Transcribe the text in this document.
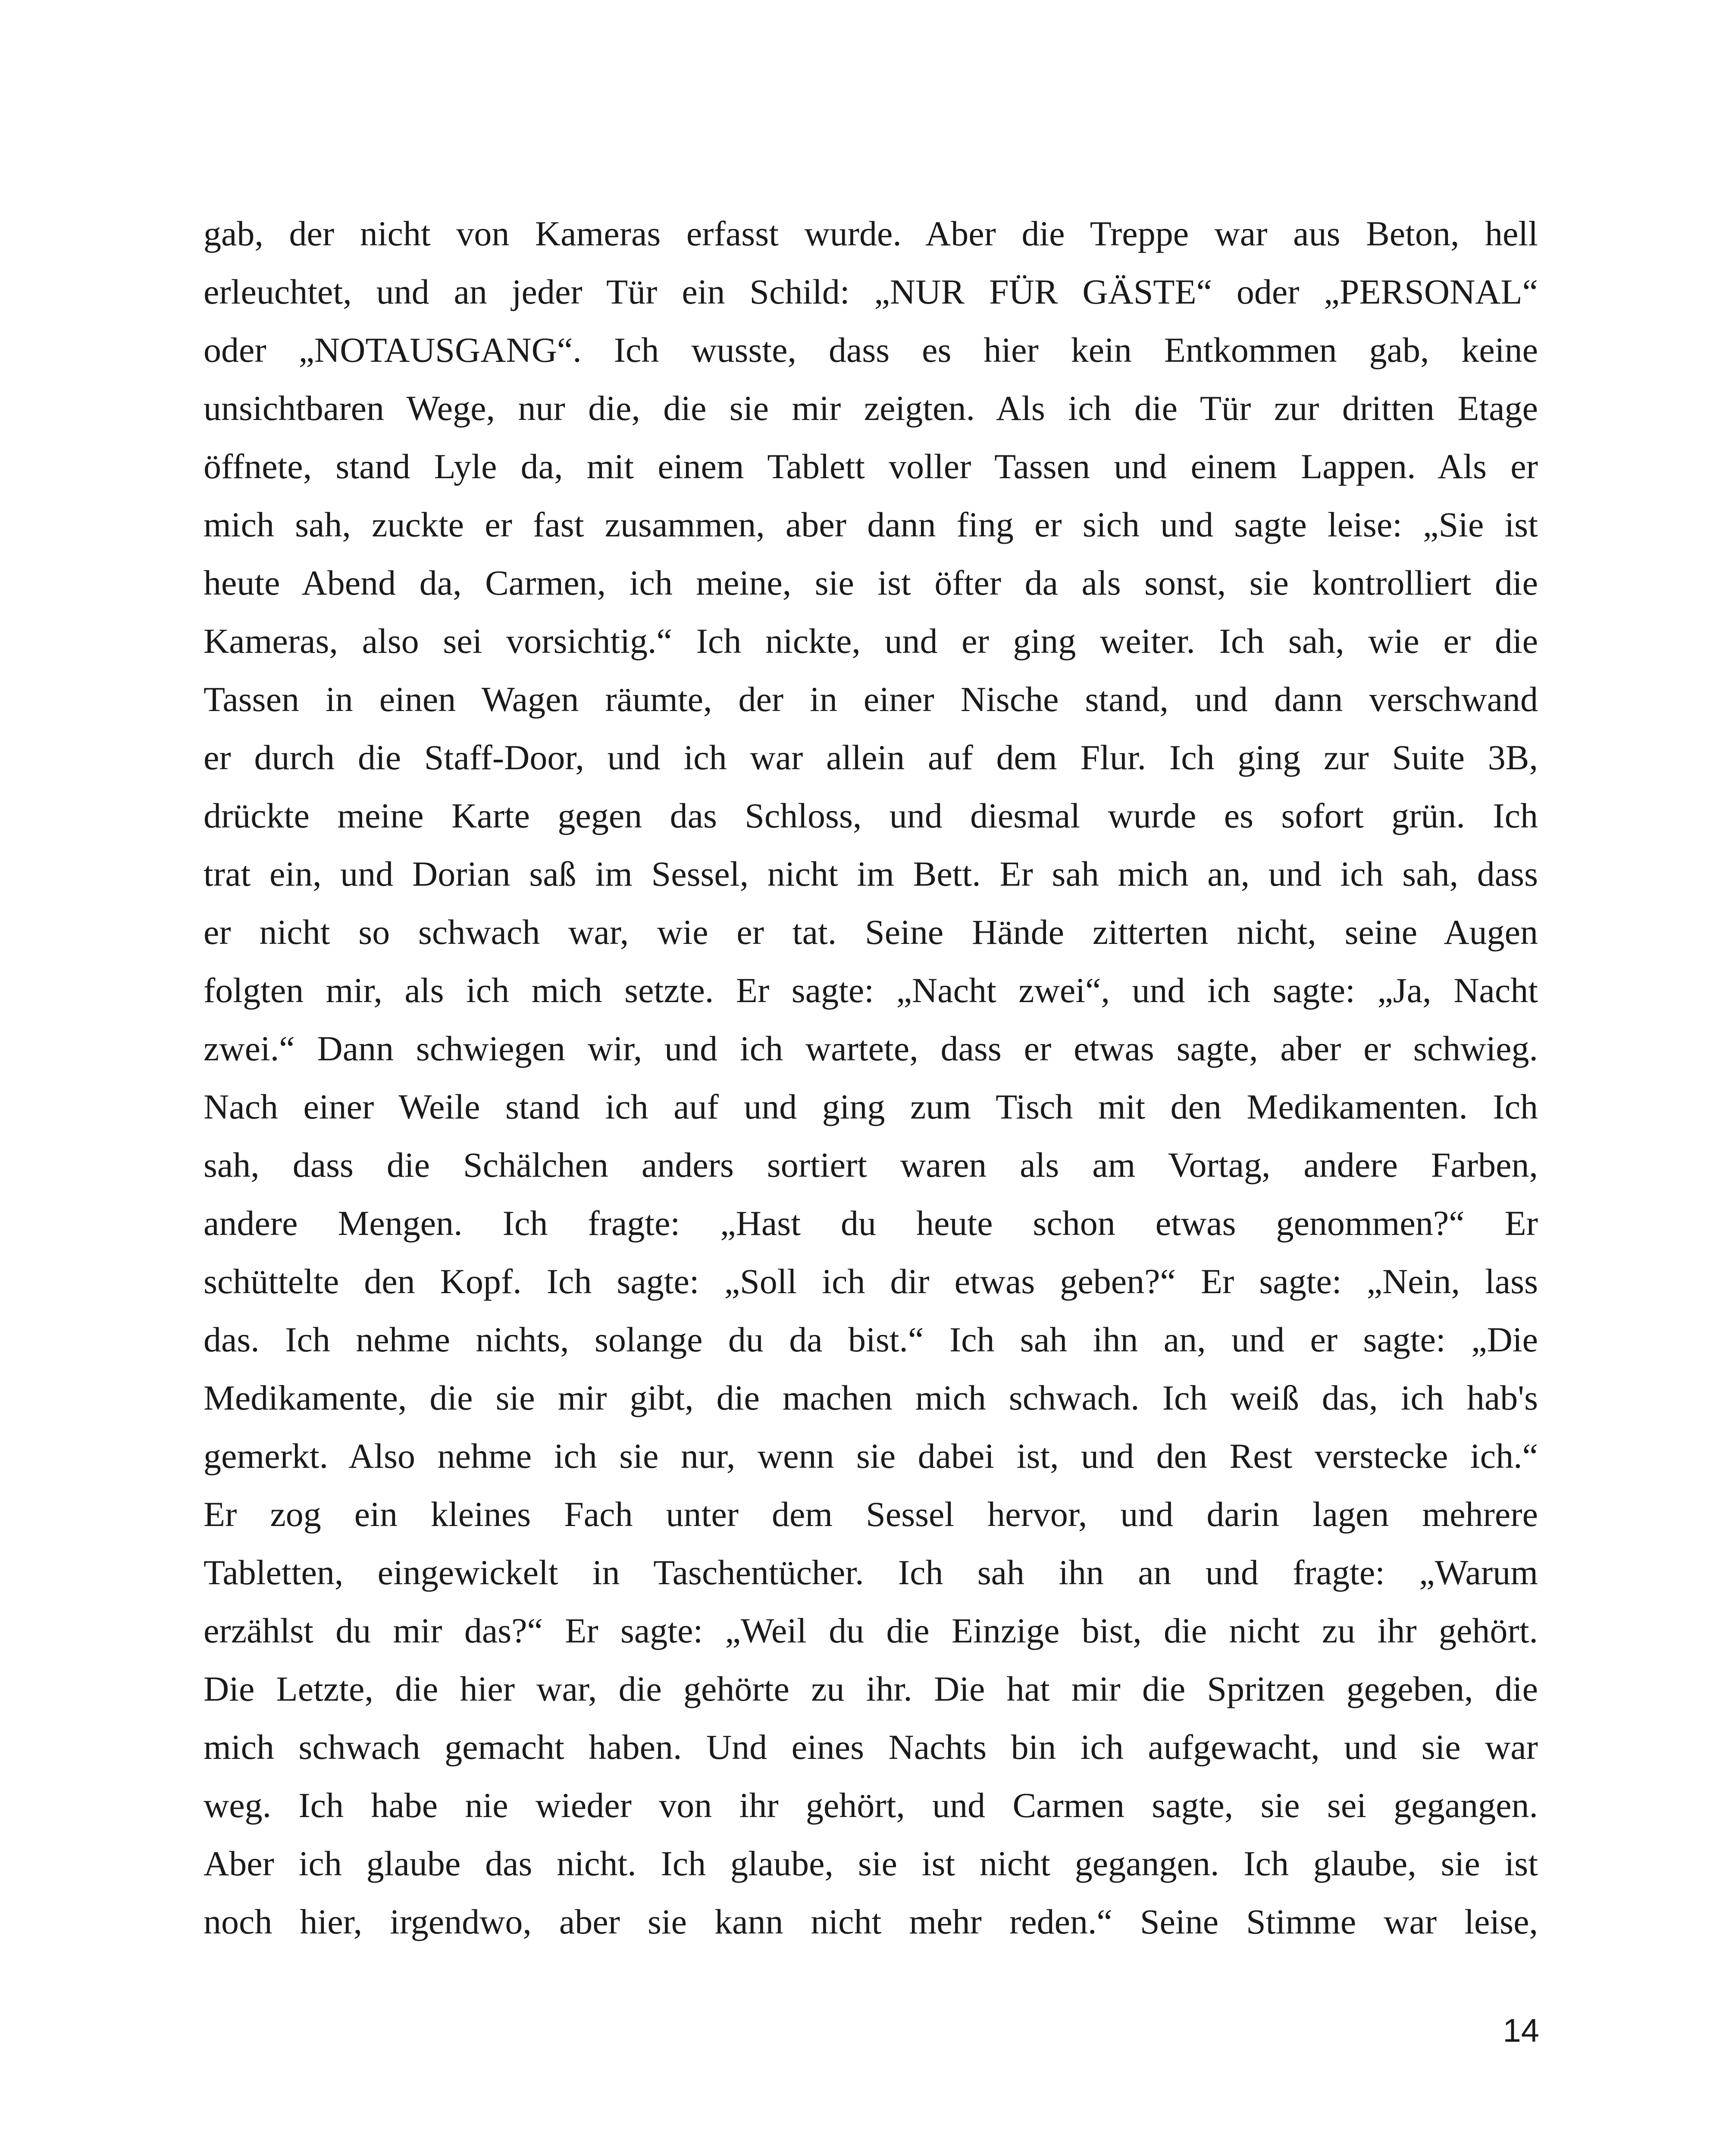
gab, der nicht von Kameras erfasst wurde. Aber die Treppe war aus Beton, hell
erleuchtet, und an jeder Tür ein Schild: „NUR FÜR GÄSTE“ oder „PERSONAL“
oder „NOTAUSGANG“. Ich wusste, dass es hier kein Entkommen gab, keine
unsichtbaren Wege, nur die, die sie mir zeigten. Als ich die Tür zur dritten Etage
öffnete, stand Lyle da, mit einem Tablett voller Tassen und einem Lappen. Als er
mich sah, zuckte er fast zusammen, aber dann fing er sich und sagte leise: „Sie ist
heute Abend da, Carmen, ich meine, sie ist öfter da als sonst, sie kontrolliert die
Kameras, also sei vorsichtig.“ Ich nickte, und er ging weiter. Ich sah, wie er die
Tassen in einen Wagen räumte, der in einer Nische stand, und dann verschwand
er durch die Staff-Door, und ich war allein auf dem Flur. Ich ging zur Suite 3B,
drückte meine Karte gegen das Schloss, und diesmal wurde es sofort grün. Ich
trat ein, und Dorian saß im Sessel, nicht im Bett. Er sah mich an, und ich sah, dass
er nicht so schwach war, wie er tat. Seine Hände zitterten nicht, seine Augen
folgten mir, als ich mich setzte. Er sagte: „Nacht zwei“, und ich sagte: „Ja, Nacht
zwei.“ Dann schwiegen wir, und ich wartete, dass er etwas sagte, aber er schwieg.
Nach einer Weile stand ich auf und ging zum Tisch mit den Medikamenten. Ich
sah, dass die Schälchen anders sortiert waren als am Vortag, andere Farben,
andere Mengen. Ich fragte: „Hast du heute schon etwas genommen?“ Er
schüttelte den Kopf. Ich sagte: „Soll ich dir etwas geben?“ Er sagte: „Nein, lass
das. Ich nehme nichts, solange du da bist.“ Ich sah ihn an, und er sagte: „Die
Medikamente, die sie mir gibt, die machen mich schwach. Ich weiß das, ich hab's
gemerkt. Also nehme ich sie nur, wenn sie dabei ist, und den Rest verstecke ich.“
Er zog ein kleines Fach unter dem Sessel hervor, und darin lagen mehrere
Tabletten, eingewickelt in Taschentücher. Ich sah ihn an und fragte: „Warum
erzählst du mir das?“ Er sagte: „Weil du die Einzige bist, die nicht zu ihr gehört.
Die Letzte, die hier war, die gehörte zu ihr. Die hat mir die Spritzen gegeben, die
mich schwach gemacht haben. Und eines Nachts bin ich aufgewacht, und sie war
weg. Ich habe nie wieder von ihr gehört, und Carmen sagte, sie sei gegangen.
Aber ich glaube das nicht. Ich glaube, sie ist nicht gegangen. Ich glaube, sie ist
noch hier, irgendwo, aber sie kann nicht mehr reden.“ Seine Stimme war leise,
14
